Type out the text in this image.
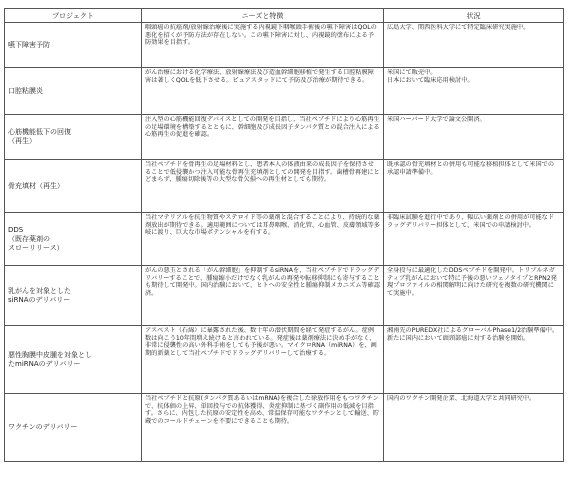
プロジェクト	ニーズと特徴	状況

嚥下障害予防	咽頭癌の抗癌剤/放射線治療後に実施する内視鏡下咽喉頭手術後の嚥下障害はQOLの悪化を招くが予防方法が存在しない。この嚥下障害に対し、内視鏡的塗布による予防効果を目指す。	広島大学、関西医科大学にて特定臨床研究実施中。

口腔粘膜炎	がん治療における化学療法、放射線療法及び造血幹細胞移植で発生する口腔粘膜障害は著しくQOLを低下させる。ピュアスタッドにて予防及び治療が期待できる。	米国にて販売中。
日本において臨床応用検討中。

心筋機能低下の回復
（再生）	注入型の心筋機能回復デバイスとしての開発を目指し、当社ペプチドにより心筋再生の足場環境を構築するとともに、幹細胞及び成長因子タンパク質との混合注入による心筋再生の促進を確認。	米国ハーバード大学で論文公開済。

骨充填材（再生）	当社ペプチドを骨再生の足場材料とし、患者本人の体液由来の成長因子を保持させることで低侵襲かつ注入可能な骨再生充填剤としての開発を目指す。歯槽骨再建にとどまらず、腫瘍切除後等の大型な骨欠損への再生材としても期待。	既承認の骨充填材との併用も可能な移植担体として米国での承認申請準備中。

DDS
（既存薬剤の
スローリリース）	当社マテリアルを抗生物質やステロイド等の薬剤と混合することにより、持続的な薬剤放出が期待できる。適用範囲については耳鼻咽喉、消化管、心血管、皮膚領域等多岐に渡り、巨大な市場ポテンシャルを有する。	非臨床試験を進行中であり、幅広い薬剤との併用が可能なドラッグデリバリー担体として、米国での申請検討中。

乳がんを対象とした
siRNAのデリバリー	がんの悪玉とされる「がん幹細胞」を抑制するsiRNAを、当社ペプチドでドラッグデリバリーすることで、腫瘍縮小だけでなく乳がんの再発や転移抑制にも寄与することも期待して開発中。国内治験において、ヒトへの安全性と腫瘍抑制メカニズム等確認済。	全身投与に最適化したDDSペプチドを開発中。トリプルネガティブ乳がんにおいて特に予後の悪いフェノタイプとRPN2発現プロファイルの相関解明に向けた研究を複数の研究機関にて実施中。

悪性胸膜中皮腫を対象とし
たmiRNAのデリバリー	アスベスト（石綿）に暴露された後、数十年の潜伏期間を経て発症するがん。症例数は向こう10年間増え続けると言われている。発症後は薬剤療法に決め手がなく、非常に侵襲性の高い外科手術をしても予後が悪い。マイクロRNA（miRNA）を、画期的新薬として当社ペプチドでドラッグデリバリーして治療する。	湘南先のPUREDX社によるグローバルPhase1/2治験準備中。新たに国内において頭頸部癌に対する治験を開始。

ワクチンのデリバリー	当社ペプチドと抗原(タンパク質あるいはmRNA)を複合した徐放作用をもつワクチンで、抗体価の上昇、単回投与での抗体獲得、炎症抑制に基づく副作用の低減を目指す。さらに、内包した抗原の安定性を高め、常温保存可能なワクチンとして輸送、貯蔵でのコールドチェーンを不要にできることも期待。	国内のワクチン開発企業、北海道大学と共同研究中。
